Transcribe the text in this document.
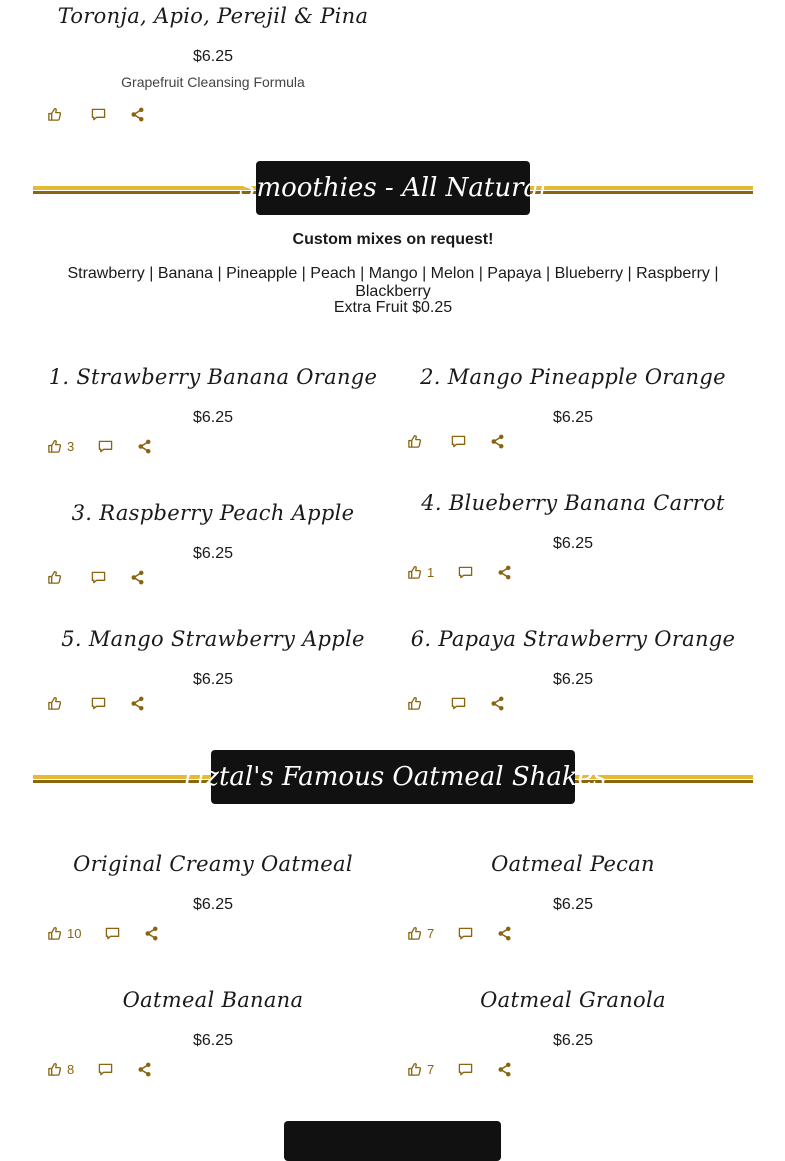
Toronja, Apio, Perejil & Pina
$6.25
Grapefruit Cleansing Formula
Smoothies - All Natural
Custom mixes on request!
Strawberry | Banana | Pineapple | Peach | Mango | Melon | Papaya | Blueberry | Raspberry | Blackberry
Extra Fruit $0.25
1. Strawberry Banana Orange
$6.25
3
2. Mango Pineapple Orange
$6.25
3. Raspberry Peach Apple
$6.25
4. Blueberry Banana Carrot
$6.25
1
5. Mango Strawberry Apple
$6.25
6. Papaya Strawberry Orange
$6.25
Tiztal's Famous Oatmeal Shakes
Original Creamy Oatmeal
$6.25
10
Oatmeal Pecan
$6.25
7
Oatmeal Banana
$6.25
8
Oatmeal Granola
$6.25
7
